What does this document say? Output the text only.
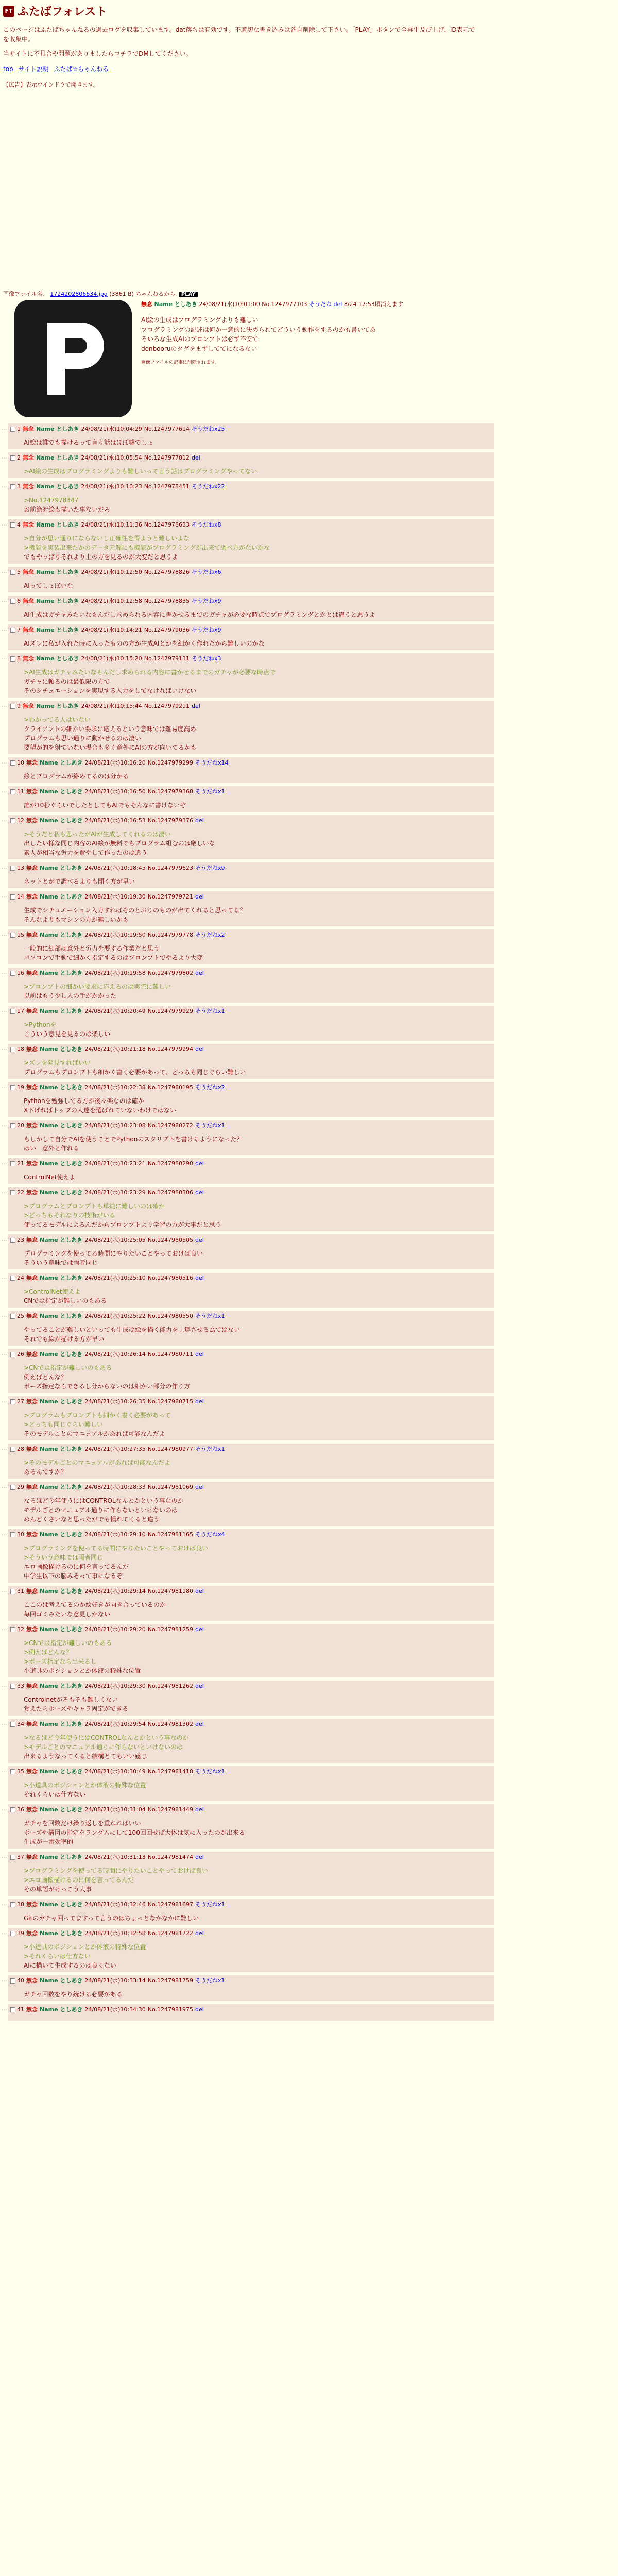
FT ふたばフォレスト

このページはふたばちゃんねるの過去ログを収集しています。dat落ちは有効です。不適切な書き込みは各自削除して下さい。「PLAY」ボタンで全再生及び上げ、ID表示で

を収集中。

当サイトに不具合や問題がありましたらコチラでDMしてください。

top サイト説明 ふたば☆ちゃんねる
【広告】表示ウインドウで開きます。
画像ファイル名： 1724202806634.jpg (3861 B) ちゃんねるから PLAY
無念 Name としあき 24/08/21(水)10:01:00 No.1247977103 そうだね del 8/24 17:53頃消えます

AI絵の生成はプログラミングよりも難しい

プログラミングの記述は何か一意的に決められてどういう動作をするのかも書いてあ

ろいろな生成AIのプロンプトは必ず不安で

donbooruのタグをまずしててになるない

画像ファイルの記事は削除されます。
…	1 無念 Name としあき 24/08/21(水)10:04:29 No.1247977614 そうだねx25
AI絵は誰でも描けるって言う話はほぼ嘘でしょ
…	2 無念 Name としあき 24/08/21(水)10:05:54 No.1247977812 del
>AI絵の生成はプログラミングよりも難しいって言う話はプログラミングやってない
…	3 無念 Name としあき 24/08/21(水)10:10:23 No.1247978451 そうだねx22
>No.1247978347
お前絶対絵も描いた事ないだろ
…	4 無念 Name としあき 24/08/21(水)10:11:36 No.1247978633 そうだねx8
>自分が思い通りにならないし正確性を得ようと難しいよな
>機能を実装出来たかのデータ元解にも機能がプログラミングが出来て調べ方がないかな
でもやっぱりそれより上の方を見るのが大変だと思うよ
…	5 無念 Name としあき 24/08/21(水)10:12:50 No.1247978826 そうだねx6
AIってしょぼいな
…	6 無念 Name としあき 24/08/21(水)10:12:58 No.1247978835 そうだねx9
AI生成はガチャみたいなもんだし求められる内容に書かせるまでのガチャが必要な時点でプログラミングとかとは違うと思うよ
…	7 無念 Name としあき 24/08/21(水)10:14:21 No.1247979036 そうだねx9
AIズレに私が入れた時に入ったものの方が生成AIとかを細かく作れたから難しいのかな
…	8 無念 Name としあき 24/08/21(水)10:15:20 No.1247979131 そうだねx3
>AI生成はガチャみたいなもんだし求められる内容に書かせるまでのガチャが必要な時点で
ガチャに頼るのは最低限の方で
そのシチュエーションを実現する入力をしてなければいけない
…	9 無念 Name としあき 24/08/21(水)10:15:44 No.1247979211 del
>わかってる人はいない
クライアントの細かい要求に応えるという意味では難易度高め
プログラムも思い通りに動かせるのは凄い
要望が的を射ていない場合も多く意外にAIの方が向いてるかも
…	10 無念 Name としあき 24/08/21(水)10:16:20 No.1247979299 そうだねx14
絵とプログラムが絡めてるのは分かる
…	11 無念 Name としあき 24/08/21(水)10:16:50 No.1247979368 そうだねx1
誰が10秒ぐらいでしたとしてもAIでもそんなに書けないぞ
…	12 無念 Name としあき 24/08/21(水)10:16:53 No.1247979376 del
>そうだと私も思ったがAIが生成してくれるのは凄い
出したい様な同じ内容のAI絵が無料でもプログラム組むのは厳しいな
素人が相当な労力を費やして作ったのは違う
…	13 無念 Name としあき 24/08/21(水)10:18:45 No.1247979623 そうだねx9
ネットとかで調べるよりも聞く方が早い
…	14 無念 Name としあき 24/08/21(水)10:19:30 No.1247979721 del
生成でシチュエーション入力すればそのとおりのものが出てくれると思ってる？
そんなよりもマシンの方が難しいかも
…	15 無念 Name としあき 24/08/21(水)10:19:50 No.1247979778 そうだねx2
一般的に細部は意外と労力を要する作業だと思う
パソコンで手動で細かく指定するのはプロンプトでやるより大変
…	16 無念 Name としあき 24/08/21(水)10:19:58 No.1247979802 del
>プロンプトの細かい要求に応えるのは実際に難しい
以前はもう少し人の手がかかった
…	17 無念 Name としあき 24/08/21(水)10:20:49 No.1247979929 そうだねx1
>Pythonを
こういう意見を見るのは楽しい
…	18 無念 Name としあき 24/08/21(水)10:21:18 No.1247979994 del
>ズレを発見すればいい
プログラムもプロンプトも細かく書く必要があって、どっちも同じぐらい難しい
…	19 無念 Name としあき 24/08/21(水)10:22:38 No.1247980195 そうだねx2
Pythonを勉強してる方が後々楽なのは確か
X下げればトップの人達を選ばれていないわけではない
…	20 無念 Name としあき 24/08/21(水)10:23:08 No.1247980272 そうだねx1
もしかして自分でAIを使うことでPythonのスクリプトを書けるようになった？
はい　意外と作れる
…	21 無念 Name としあき 24/08/21(水)10:23:21 No.1247980290 del
ControlNet使えよ
…	22 無念 Name としあき 24/08/21(水)10:23:29 No.1247980306 del
>プログラムとプロンプトも単純に難しいのは確か
>どっちもそれなりの技術がいる
使ってるモデルによるんだからプロンプトより学習の方が大事だと思う
…	23 無念 Name としあき 24/08/21(水)10:25:05 No.1247980505 del
プログラミングを使ってる時間にやりたいことやっておけば良い
そういう意味では両者同じ
…	24 無念 Name としあき 24/08/21(水)10:25:10 No.1247980516 del
>ControlNet使えよ
CNでは指定が難しいのもある
…	25 無念 Name としあき 24/08/21(水)10:25:22 No.1247980550 そうだねx1
やってることが難しいといっても生成は絵を描く能力を上達させる為ではない
それでも絵が描ける方が早い
…	26 無念 Name としあき 24/08/21(水)10:26:14 No.1247980711 del
>CNでは指定が難しいのもある
例えばどんな？
ポーズ指定ならできるし分からないのは細かい部分の作り方
…	27 無念 Name としあき 24/08/21(水)10:26:35 No.1247980715 del
>プログラムもプロンプトも細かく書く必要があって
>どっちも同じぐらい難しい
そのモデルごとのマニュアルがあれば可能なんだよ
…	28 無念 Name としあき 24/08/21(水)10:27:35 No.1247980977 そうだねx1
>そのモデルごとのマニュアルがあれば可能なんだよ
あるんですか？
…	29 無念 Name としあき 24/08/21(水)10:28:33 No.1247981069 del
なるほど今年使うにはCONTROLなんとかという事なのか
モデルごとのマニュアル通りに作らないといけないのは
めんどくさいなと思ったがでも慣れてくると違う
…	30 無念 Name としあき 24/08/21(水)10:29:10 No.1247981165 そうだねx4
>プログラミングを使ってる時間にやりたいことやっておけば良い
>そういう意味では両者同じ
エロ画像描けるのに何を言ってるんだ
中学生以下の脳みそって事になるぞ
…	31 無念 Name としあき 24/08/21(水)10:29:14 No.1247981180 del
ここのは考えてるのか絵好きが向き合っているのか
毎回ゴミみたいな意見しかない
…	32 無念 Name としあき 24/08/21(水)10:29:20 No.1247981259 del
>CNでは指定が難しいのもある
>例えばどんな？
>ポーズ指定なら出来るし
小道具のポジションとか体液の特殊な位置
…	33 無念 Name としあき 24/08/21(水)10:29:30 No.1247981262 del
Controlnetがそもそも難しくない
覚えたらポーズやキャラ固定ができる
…	34 無念 Name としあき 24/08/21(水)10:29:54 No.1247981302 del
>なるほど今年使うにはCONTROLなんとかという事なのか
>モデルごとのマニュアル通りに作らないといけないのは
出来るようなってくると結構とてもいい感じ
…	35 無念 Name としあき 24/08/21(水)10:30:49 No.1247981418 そうだねx1
>小道具のポジションとか体液の特殊な位置
それくらいは仕方ない
…	36 無念 Name としあき 24/08/21(水)10:31:04 No.1247981449 del
ガチャを回数だけ繰り返しを重ねればいい
ポーズや構図の指定をランダムにして100回回せば大体は気に入ったのが出来る
生成が一番効率的
…	37 無念 Name としあき 24/08/21(水)10:31:13 No.1247981474 del
>プログラミングを使ってる時間にやりたいことやっておけば良い
>エロ画像描けるのに何を言ってるんだ
その単語がけっこう大事
…	38 無念 Name としあき 24/08/21(水)10:32:46 No.1247981697 そうだねx1
Gitのガチャ回ってますって言うのはちょっとなかなかに難しい
…	39 無念 Name としあき 24/08/21(水)10:32:58 No.1247981722 del
>小道具のポジションとか体液の特殊な位置
>それくらいは仕方ない
AIに描いて生成するのは良くない
…	40 無念 Name としあき 24/08/21(水)10:33:14 No.1247981759 そうだねx1
ガチャ回数をやり続ける必要がある
…	41 無念 Name としあき 24/08/21(水)10:34:30 No.1247981975 del
